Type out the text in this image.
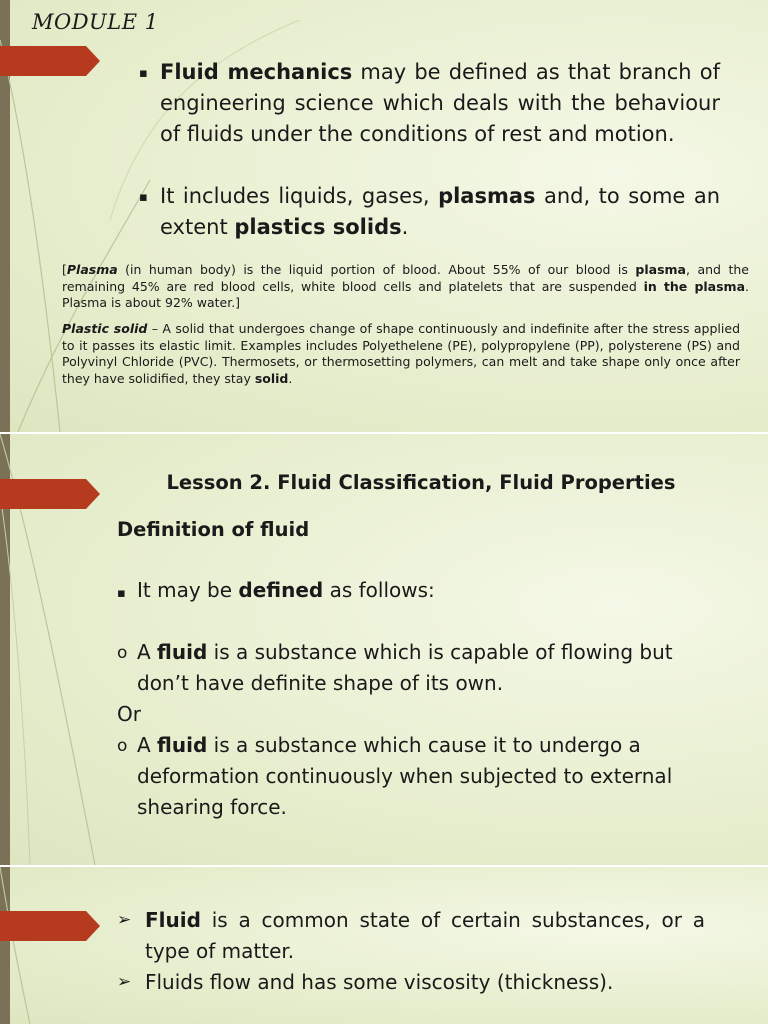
MODULE 1
▪ Fluid mechanics may be defined as that branch of engineering science which deals with the behaviour of fluids under the conditions of rest and motion.
▪ It includes liquids, gases, plasmas and, to some an extent plastics solids.
[Plasma (in human body) is the liquid portion of blood. About 55% of our blood is plasma, and the remaining 45% are red blood cells, white blood cells and platelets that are suspended in the plasma. Plasma is about 92% water.]
Plastic solid – A solid that undergoes change of shape continuously and indefinite after the stress applied to it passes its elastic limit. Examples includes Polyethelene (PE), polypropylene (PP), polysterene (PS) and Polyvinyl Chloride (PVC). Thermosets, or thermosetting polymers, can melt and take shape only once after they have solidified, they stay solid.
Lesson 2. Fluid Classification, Fluid Properties
Definition of fluid
▪ It may be defined as follows:
o A fluid is a substance which is capable of flowing but
don’t have definite shape of its own.
Or
o A fluid is a substance which cause it to undergo a
deformation continuously when subjected to external
shearing force.
➢ Fluid is a common state of certain substances, or a type of matter.
➢ Fluids flow and has some viscosity (thickness).
